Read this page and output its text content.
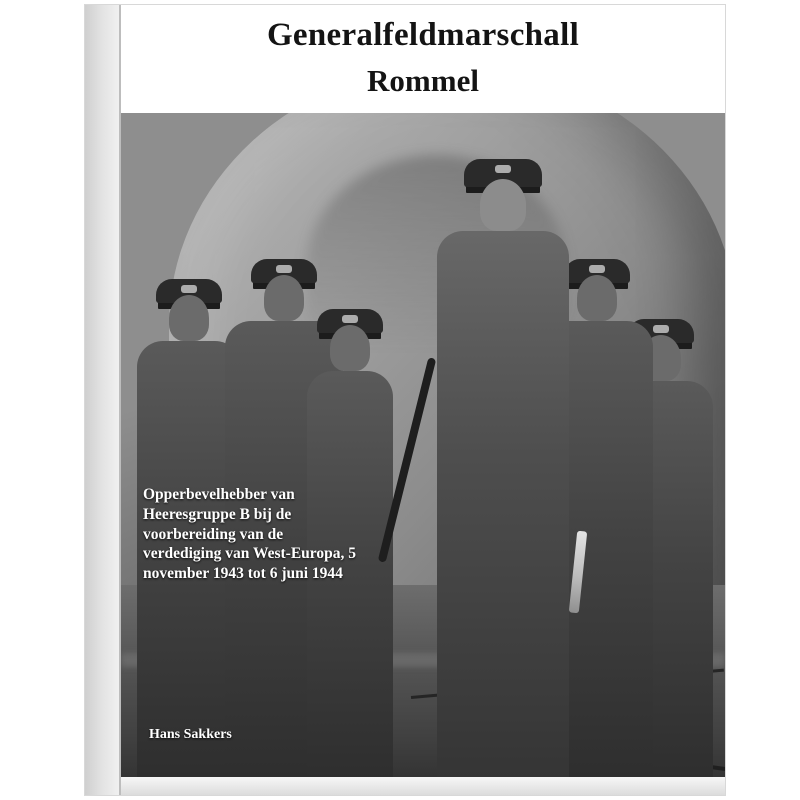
Generalfeldmarschall
Rommel
Opperbevelhebber van Heeresgruppe B bij de voorbereiding van de verdediging van West-Europa, 5 november 1943 tot 6 juni 1944
Hans Sakkers
